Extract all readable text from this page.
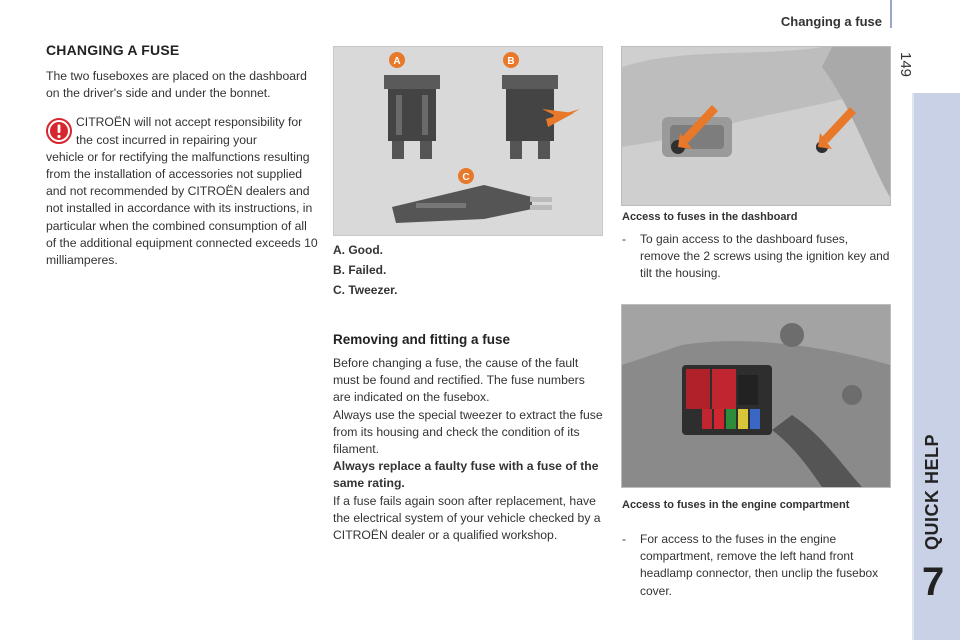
Changing a fuse
149
QUICK HELP
7
CHANGING A FUSE

The two fuseboxes are placed on the dashboard on the driver's side and under the bonnet.

CITROËN will not accept responsibility for the cost incurred in repairing your
vehicle or for rectifying the malfunctions resulting from the installation of accessories not supplied and not recommended by CITROËN dealers and not installed in accordance with its instructions, in particular when the combined consumption of all of the additional equipment connected exceeds 10 milliamperes.

A	B
C
A. Good.
B. Failed.
C. Tweezer.
Removing and fitting a fuse

Before changing a fuse, the cause of the fault must be found and rectified. The fuse numbers are indicated on the fusebox.

Always use the special tweezer to extract the fuse from its housing and check the condition of its filament.

Always replace a faulty fuse with a fuse of the same rating.

If a fuse fails again soon after replacement, have the electrical system of your vehicle checked by a CITROËN dealer or a qualified workshop.

Access to fuses in the dashboard
- To gain access to the dashboard fuses, remove the 2 screws using the ignition key and tilt the housing.
Access to fuses in the engine compartment
- For access to the fuses in the engine compartment, remove the left hand front headlamp connector, then unclip the fusebox cover.
